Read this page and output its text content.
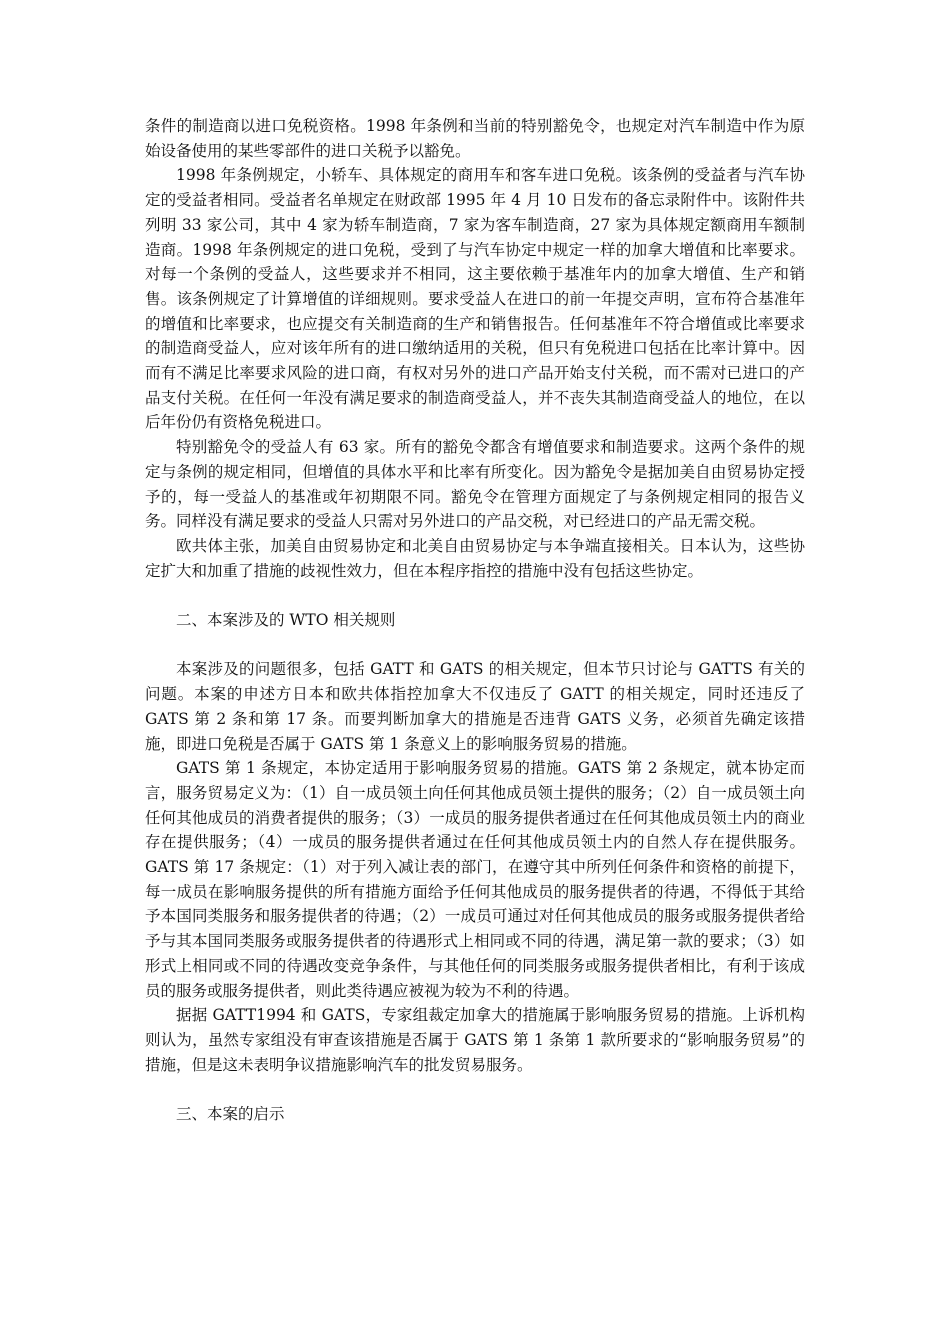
条件的制造商以进口免税资格。1998 年条例和当前的特别豁免令，也规定对汽车制造中作为原始设备使用的某些零部件的进口关税予以豁免。

1998 年条例规定，小轿车、具体规定的商用车和客车进口免税。该条例的受益者与汽车协定的受益者相同。受益者名单规定在财政部 1995 年 4 月 10 日发布的备忘录附件中。该附件共列明 33 家公司，其中 4 家为轿车制造商，7 家为客车制造商，27 家为具体规定额商用车额制造商。1998 年条例规定的进口免税，受到了与汽车协定中规定一样的加拿大增值和比率要求。对每一个条例的受益人，这些要求并不相同，这主要依赖于基准年内的加拿大增值、生产和销售。该条例规定了计算增值的详细规则。要求受益人在进口的前一年提交声明，宣布符合基准年的增值和比率要求，也应提交有关制造商的生产和销售报告。任何基准年不符合增值或比率要求的制造商受益人，应对该年所有的进口缴纳适用的关税，但只有免税进口包括在比率计算中。因而有不满足比率要求风险的进口商，有权对另外的进口产品开始支付关税，而不需对已进口的产品支付关税。在任何一年没有满足要求的制造商受益人，并不丧失其制造商受益人的地位，在以后年份仍有资格免税进口。

特别豁免令的受益人有 63 家。所有的豁免令都含有增值要求和制造要求。这两个条件的规定与条例的规定相同，但增值的具体水平和比率有所变化。因为豁免令是据加美自由贸易协定授予的，每一受益人的基准或年初期限不同。豁免令在管理方面规定了与条例规定相同的报告义务。同样没有满足要求的受益人只需对另外进口的产品交税，对已经进口的产品无需交税。

欧共体主张，加美自由贸易协定和北美自由贸易协定与本争端直接相关。日本认为，这些协定扩大和加重了措施的歧视性效力，但在本程序指控的措施中没有包括这些协定。

二、本案涉及的 WTO 相关规则

本案涉及的问题很多，包括 GATT 和 GATS 的相关规定，但本节只讨论与 GATTS 有关的问题。本案的申述方日本和欧共体指控加拿大不仅违反了 GATT 的相关规定，同时还违反了 GATS 第 2 条和第 17 条。而要判断加拿大的措施是否违背 GATS 义务，必须首先确定该措施，即进口免税是否属于 GATS 第 1 条意义上的影响服务贸易的措施。

GATS 第 1 条规定，本协定适用于影响服务贸易的措施。GATS 第 2 条规定，就本协定而言，服务贸易定义为：（1）自一成员领土向任何其他成员领土提供的服务；（2）自一成员领土向任何其他成员的消费者提供的服务；（3）一成员的服务提供者通过在任何其他成员领土内的商业存在提供服务；（4）一成员的服务提供者通过在任何其他成员领土内的自然人存在提供服务。GATS 第 17 条规定：（1）对于列入减让表的部门，在遵守其中所列任何条件和资格的前提下，每一成员在影响服务提供的所有措施方面给予任何其他成员的服务提供者的待遇，不得低于其给予本国同类服务和服务提供者的待遇；（2）一成员可通过对任何其他成员的服务或服务提供者给予与其本国同类服务或服务提供者的待遇形式上相同或不同的待遇，满足第一款的要求；（3）如形式上相同或不同的待遇改变竞争条件，与其他任何的同类服务或服务提供者相比，有利于该成员的服务或服务提供者，则此类待遇应被视为较为不利的待遇。

据据 GATT1994 和 GATS，专家组裁定加拿大的措施属于影响服务贸易的措施。上诉机构则认为，虽然专家组没有审查该措施是否属于 GATS 第 1 条第 1 款所要求的“影响服务贸易”的措施，但是这未表明争议措施影响汽车的批发贸易服务。

三、本案的启示
